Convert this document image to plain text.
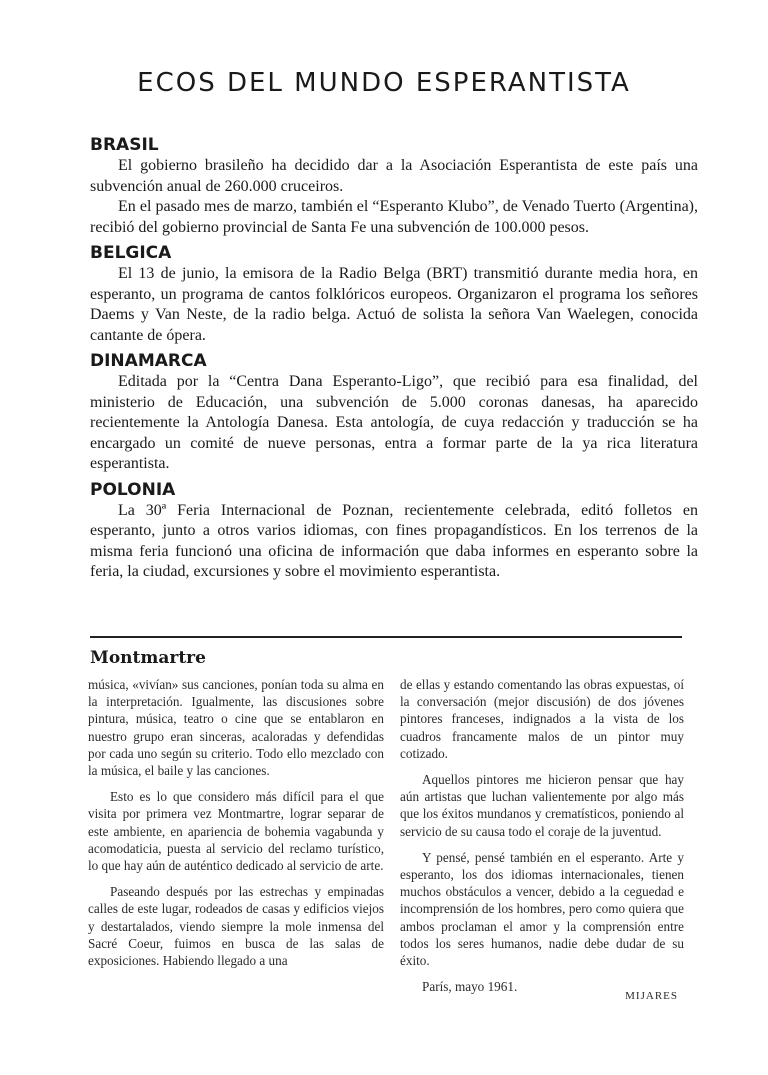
ECOS DEL MUNDO ESPERANTISTA
BRASIL

El gobierno brasileño ha decidido dar a la Asociación Esperantista de este país una subvención anual de 260.000 cruceiros.

En el pasado mes de marzo, también el “Esperanto Klubo”, de Venado Tuerto (Argentina), recibió del gobierno provincial de Santa Fe una subvención de 100.000 pesos.

BELGICA

El 13 de junio, la emisora de la Radio Belga (BRT) transmitió durante media hora, en esperanto, un programa de cantos folklóricos europeos. Organizaron el programa los señores Daems y Van Neste, de la radio belga. Actuó de solista la señora Van Waelegen, conocida cantante de ópera.

DINAMARCA

Editada por la “Centra Dana Esperanto-Ligo”, que recibió para esa finalidad, del ministerio de Educación, una subvención de 5.000 coronas danesas, ha aparecido recientemente la Antología Danesa. Esta antología, de cuya redacción y traducción se ha encargado un comité de nueve personas, entra a formar parte de la ya rica literatura esperantista.

POLONIA

La 30ª Feria Internacional de Poznan, recientemente celebrada, editó folletos en esperanto, junto a otros varios idiomas, con fines propagandísticos. En los terrenos de la misma feria funcionó una oficina de información que daba informes en esperanto sobre la feria, la ciudad, excursiones y sobre el movimiento esperantista.

Montmartre

música, «vivían» sus canciones, ponían toda su alma en la interpretación. Igualmente, las discusiones sobre pintura, música, teatro o cine que se entablaron en nuestro grupo eran sinceras, acaloradas y defendidas por cada uno según su criterio. Todo ello mezclado con la música, el baile y las canciones.

Esto es lo que considero más difícil para el que visita por primera vez Montmartre, lograr separar de este ambiente, en apariencia de bohemia vagabunda y acomodaticia, puesta al servicio del reclamo turístico, lo que hay aún de auténtico dedicado al servicio de arte.

Paseando después por las estrechas y empinadas calles de este lugar, rodeados de casas y edificios viejos y destartalados, viendo siempre la mole inmensa del Sacré Coeur, fuimos en busca de las salas de exposiciones. Habiendo llegado a una

de ellas y estando comentando las obras expuestas, oí la conversación (mejor discusión) de dos jóvenes pintores franceses, indignados a la vista de los cuadros francamente malos de un pintor muy cotizado.

Aquellos pintores me hicieron pensar que hay aún artistas que luchan valientemente por algo más que los éxitos mundanos y crematísticos, poniendo al servicio de su causa todo el coraje de la juventud.

Y pensé, pensé también en el esperanto. Arte y esperanto, los dos idiomas internacionales, tienen muchos obstáculos a vencer, debido a la ceguedad e incomprensión de los hombres, pero como quiera que ambos proclaman el amor y la comprensión entre todos los seres humanos, nadie debe dudar de su éxito.

París, mayo 1961.
MIJARES
